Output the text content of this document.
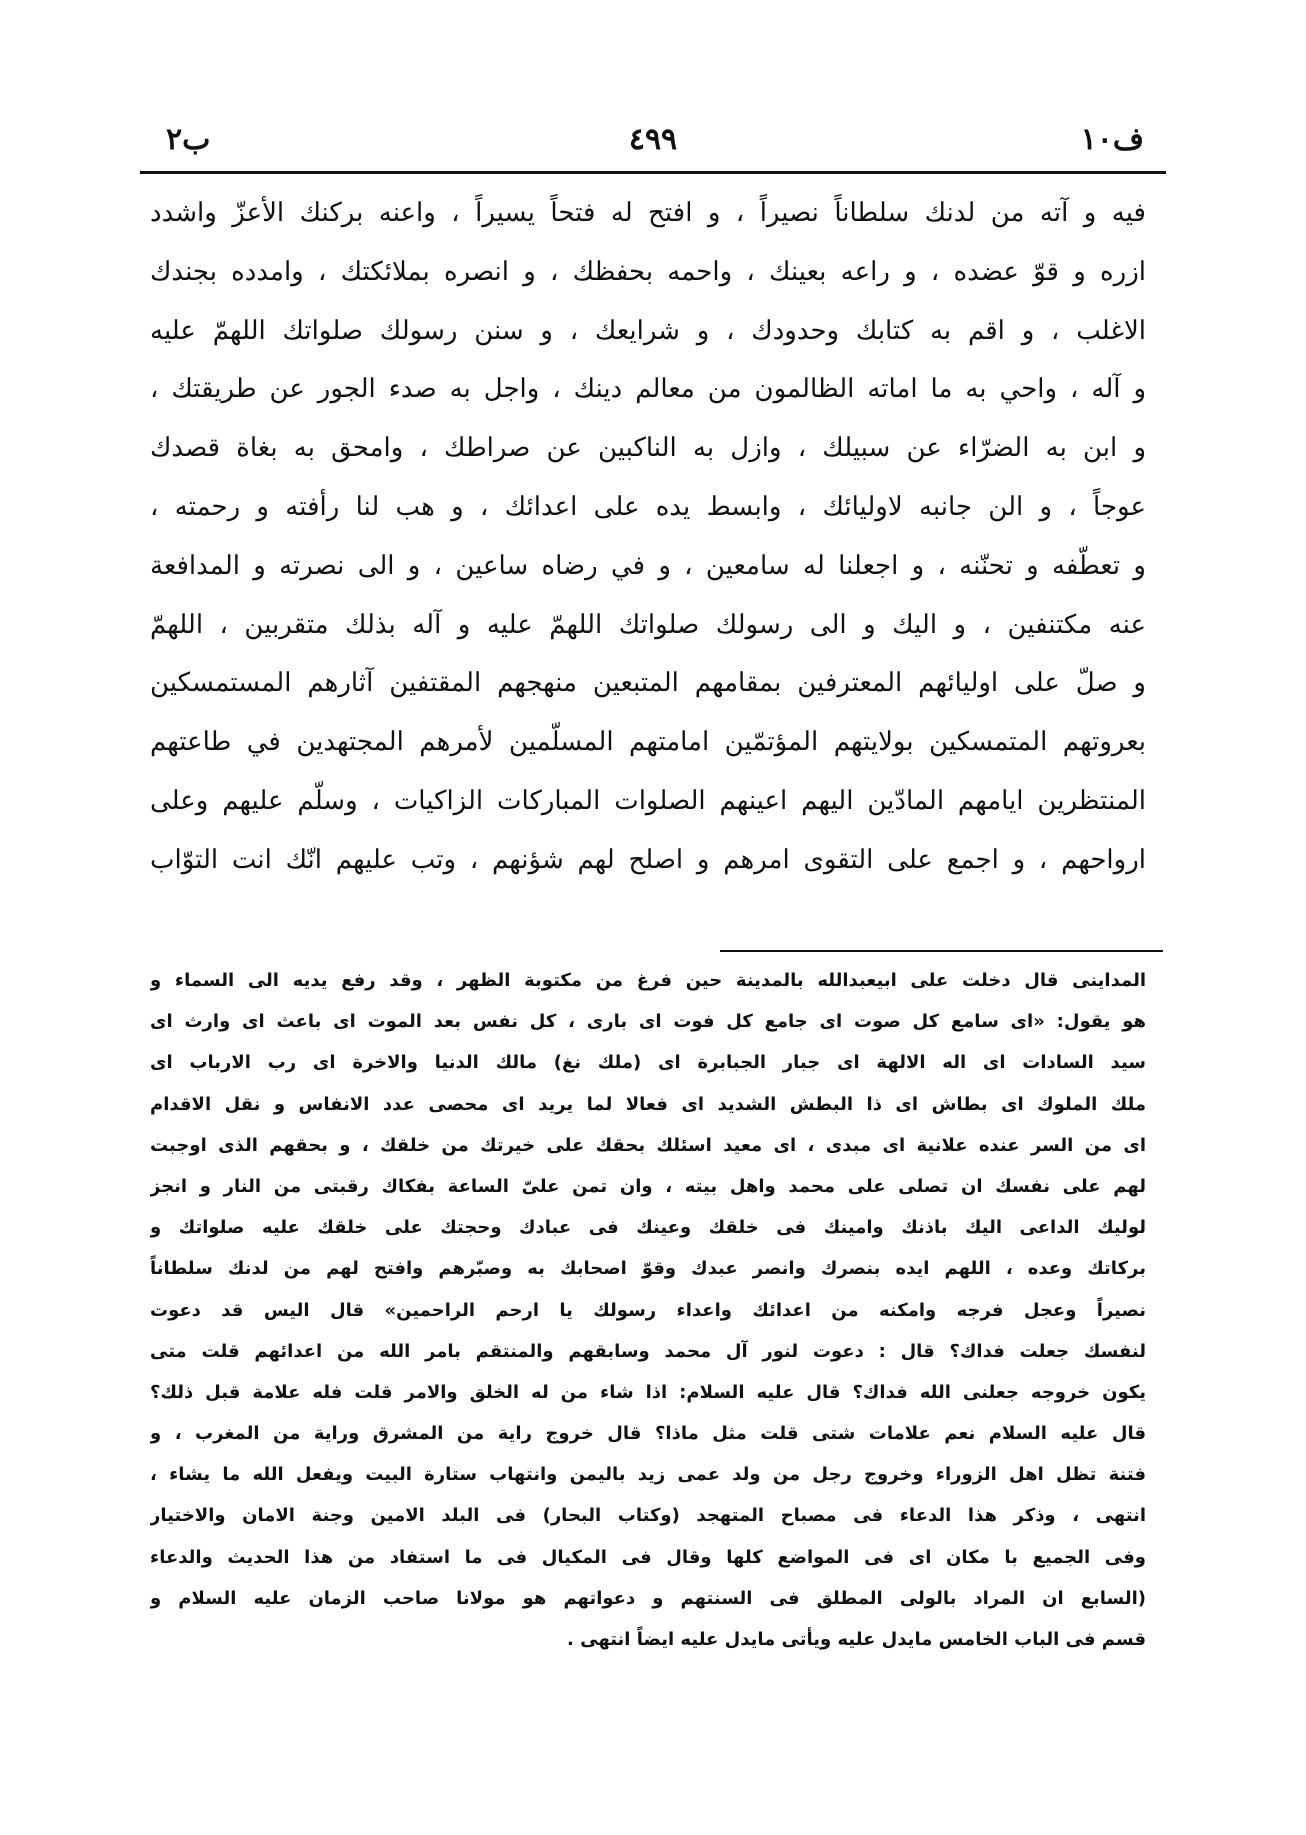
ف١٠
٤٩٩
ب٢
فيه و آته من لدنك سلطاناً نصيراً ، و افتح له فتحاً يسيراً ، واعنه بركنك الأعزّ واشدد
ازره و قوّ عضده ، و راعه بعينك ، واحمه بحفظك ، و انصره بملائكتك ، وامدده بجندك
الاغلب ، و اقم به كتابك وحدودك ، و شرايعك ، و سنن رسولك صلواتك اللهمّ عليه
و آله ، واحي به ما اماته الظالمون من معالم دينك ، واجل به صدء الجور عن طريقتك ،
و ابن به الضرّاء عن سبيلك ، وازل به الناكبين عن صراطك ، وامحق به بغاة قصدك
عوجاً ، و الن جانبه لاوليائك ، وابسط يده على اعدائك ، و هب لنا رأفته و رحمته ،
و تعطّفه و تحنّنه ، و اجعلنا له سامعين ، و في رضاه ساعين ، و الى نصرته و المدافعة
عنه مكتنفين ، و اليك و الى رسولك صلواتك اللهمّ عليه و آله بذلك متقربين ، اللهمّ
و صلّ على اوليائهم المعترفين بمقامهم المتبعين منهجهم المقتفين آثارهم المستمسكين
بعروتهم المتمسكين بولايتهم المؤتمّين امامتهم المسلّمين لأمرهم المجتهدين في طاعتهم
المنتظرين ايامهم المادّين اليهم اعينهم الصلوات المباركات الزاكيات ، وسلّم عليهم وعلى
ارواحهم ، و اجمع على التقوى امرهم و اصلح لهم شؤنهم ، وتب عليهم انّك انت التوّاب
المداينى قال دخلت على ابيعبدالله بالمدينة حين فرغ من مكتوبة الظهر ، وقد رفع يديه الى السماء و
هو يقول: «اى سامع كل صوت اى جامع كل فوت اى بارى ، كل نفس بعد الموت اى باعث اى وارث اى
سيد السادات اى اله الالهة اى جبار الجبابرة اى (ملك نغ) مالك الدنيا والاخرة اى رب الارباب اى
ملك الملوك اى بطاش اى ذا البطش الشديد اى فعالا لما يريد اى محصى عدد الانفاس و نقل الاقدام
اى من السر عنده علانية اى مبدى ، اى معيد اسئلك بحقك على خيرتك من خلقك ، و بحقهم الذى اوجبت
لهم على نفسك ان تصلى على محمد واهل بيته ، وان تمن علىّ الساعة بفكاك رقبتى من النار و انجز
لوليك الداعى اليك باذنك وامينك فى خلقك وعينك فى عبادك وحجتك على خلقك عليه صلواتك و
بركاتك وعده ، اللهم ايده بنصرك وانصر عبدك وقوّ اصحابك به وصبّرهم وافتح لهم من لدنك سلطاناً
نصيراً وعجل فرجه وامكنه من اعدائك واعداء رسولك يا ارحم الراحمين» قال اليس قد دعوت
لنفسك جعلت فداك؟ قال : دعوت لنور آل محمد وسابقهم والمنتقم بامر الله من اعدائهم قلت متى
يكون خروجه جعلنى الله فداك؟ قال عليه السلام: اذا شاء من له الخلق والامر قلت فله علامة قبل ذلك؟
قال عليه السلام نعم علامات شتى قلت مثل ماذا؟ قال خروج راية من المشرق وراية من المغرب ، و
فتنة تظل اهل الزوراء وخروج رجل من ولد عمى زيد باليمن وانتهاب ستارة البيت ويفعل الله ما يشاء ،
انتهى ، وذكر هذا الدعاء فى مصباح المتهجد (وكتاب البحار) فى البلد الامين وجنة الامان والاختيار
وفى الجميع با مكان اى فى المواضع كلها وقال فى المكيال فى ما استفاد من هذا الحديث والدعاء
(السابع ان المراد بالولى المطلق فى السنتهم و دعواتهم هو مولانا صاحب الزمان عليه السلام و
قسم فى الباب الخامس مايدل عليه ويأتى مايدل عليه ايضاً انتهى .
